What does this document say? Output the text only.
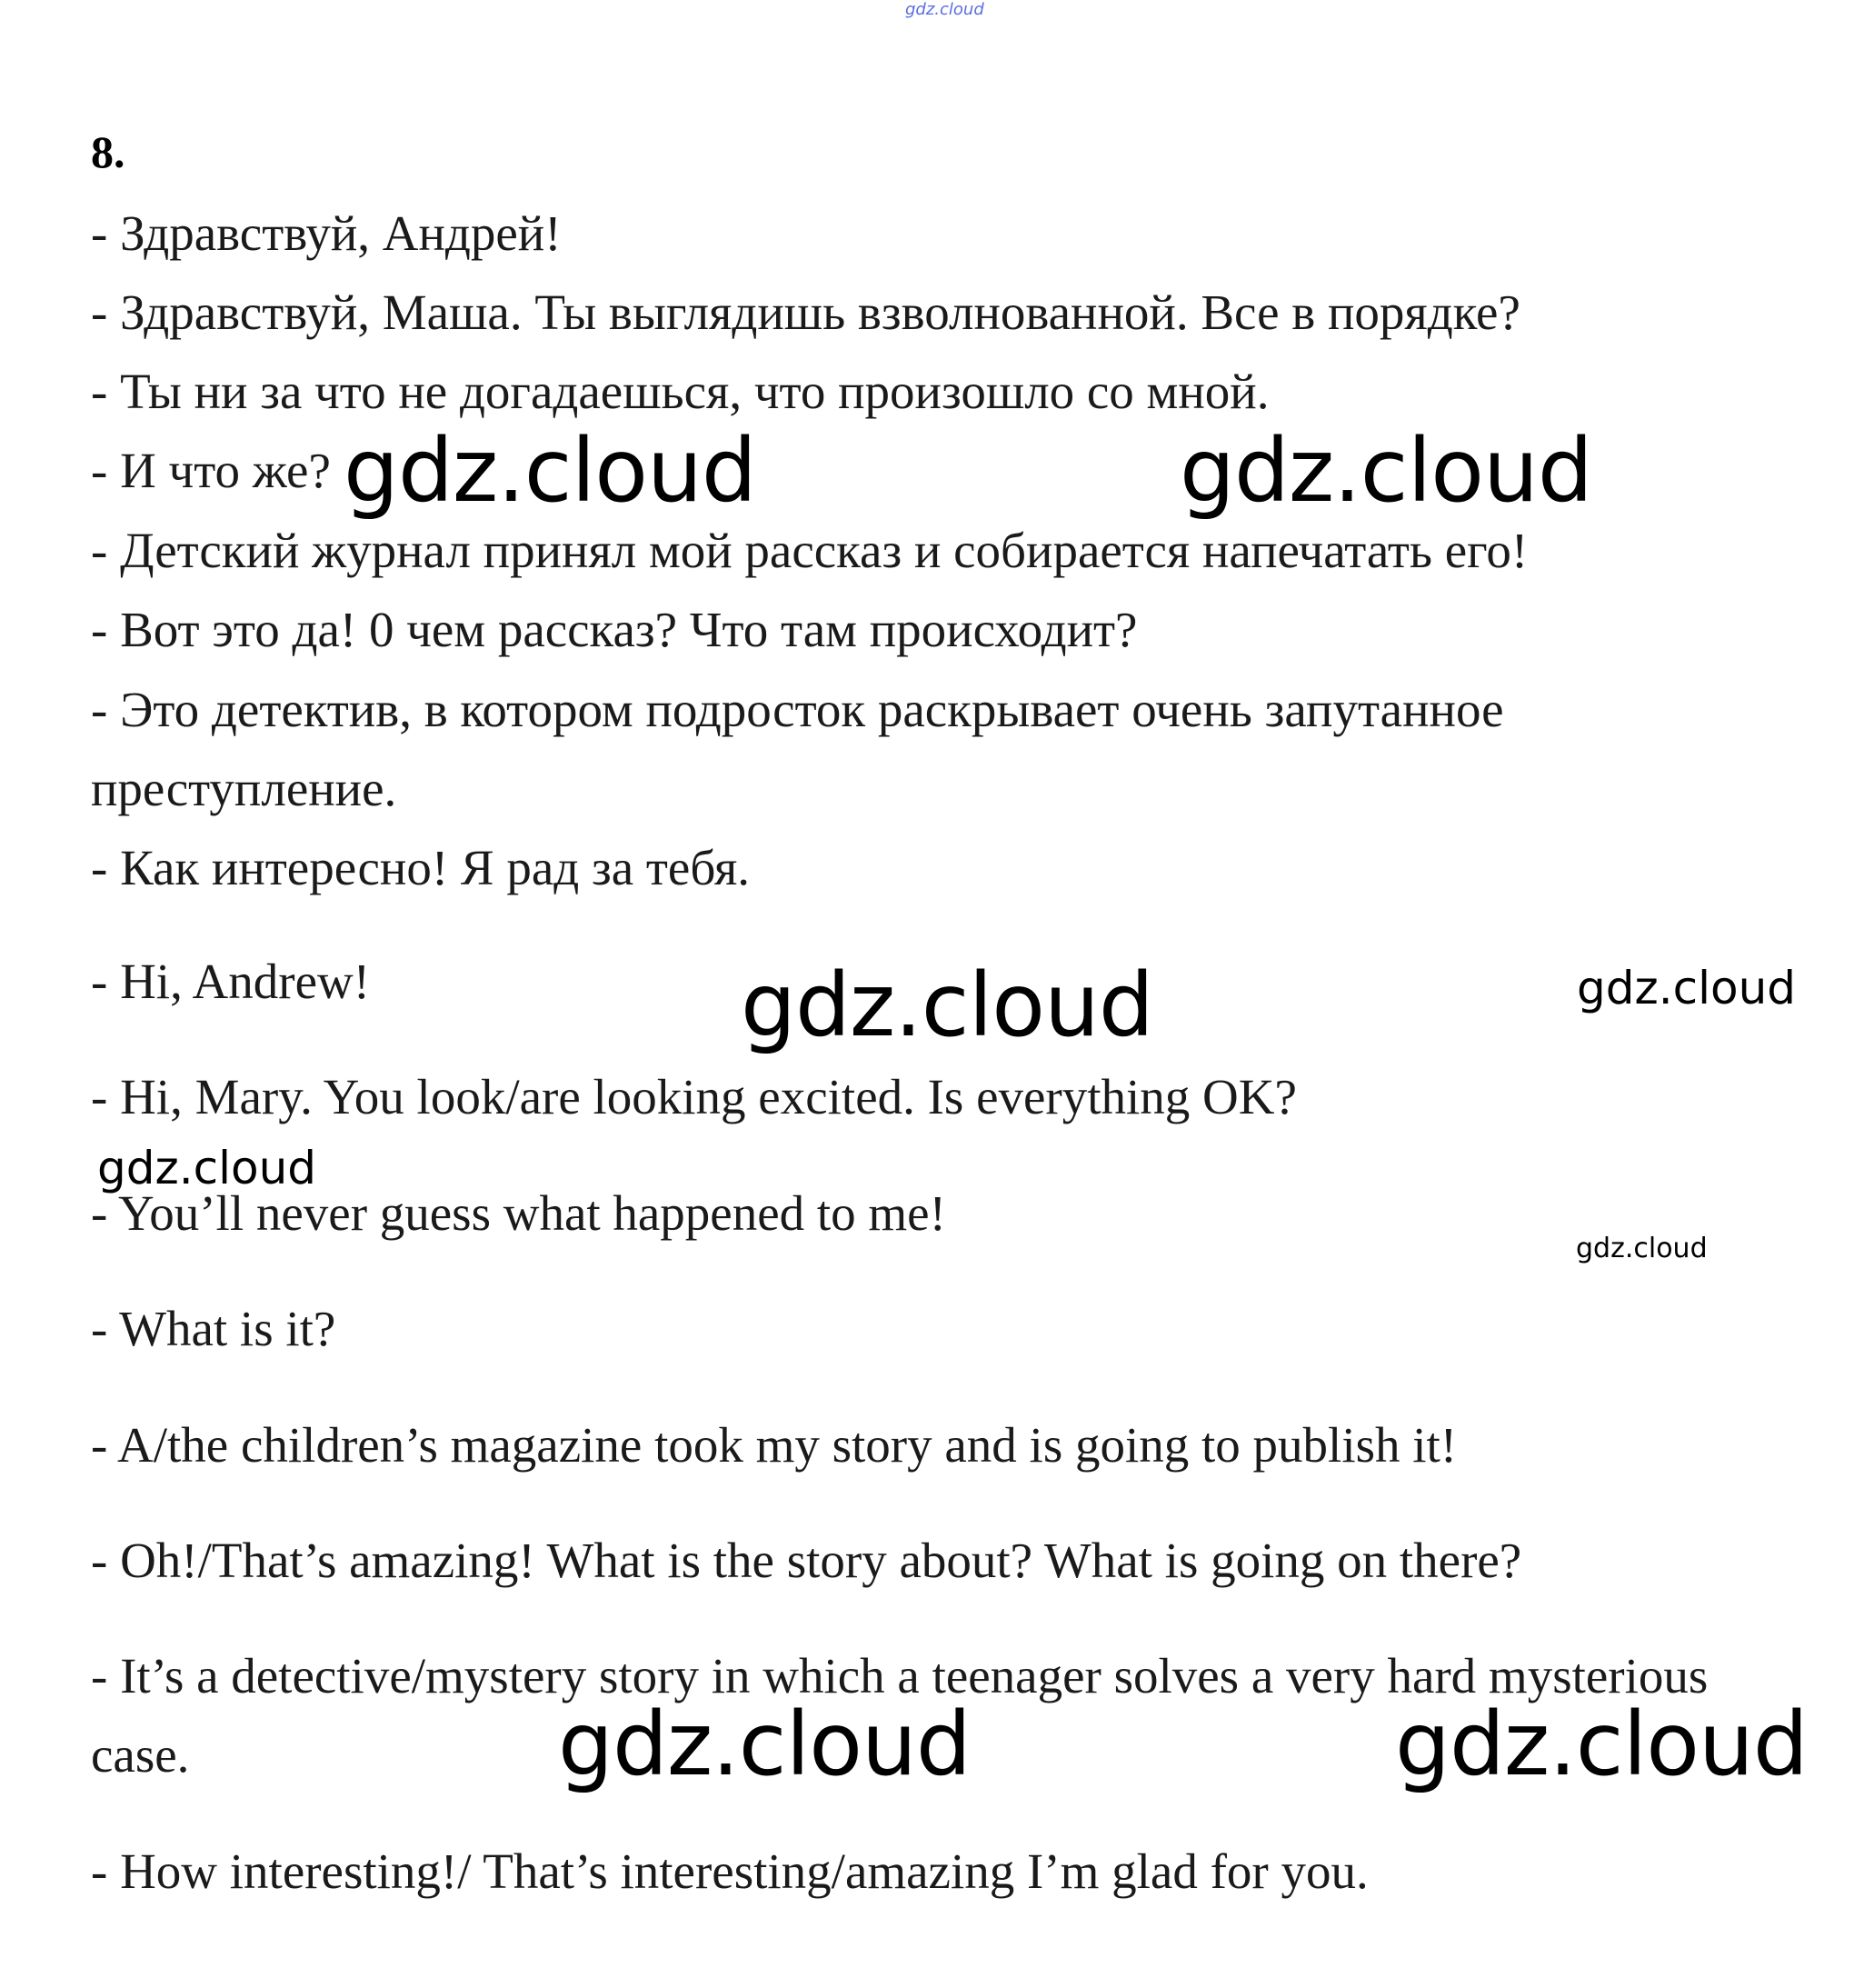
gdz.cloud
8.
- Здравствуй, Андрей!
- Здравствуй, Маша. Ты выглядишь взволнованной. Все в порядке?
- Ты ни за что не догадаешься, что произошло со мной.
- И что же?
- Детский журнал принял мой рассказ и собирается напечатать его!
- Вот это да! 0 чем рассказ? Что там происходит?
- Это детектив, в котором подросток раскрывает очень запутанное
преступление.
- Как интересно! Я рад за тебя.
- Hi, Andrew!
- Hi, Mary. You look/are looking excited. Is everything OK?
- You’ll never guess what happened to me!
- What is it?
- A/the children’s magazine took my story and is going to publish it!
- Oh!/That’s amazing! What is the story about? What is going on there?
- It’s a detective/mystery story in which a teenager solves a very hard mysterious
case.
- How interesting!/ That’s interesting/amazing I’m glad for you.
gdz.cloud	gdz.cloud
gdz.cloud	gdz.cloud
gdz.cloud
gdz.cloud
gdz.cloud	gdz.cloud
